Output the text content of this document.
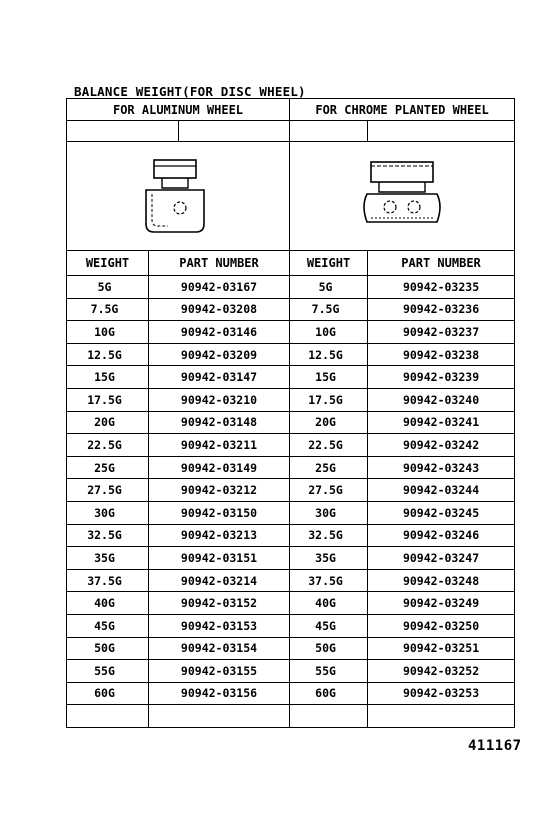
BALANCE WEIGHT(FOR DISC WHEEL)
FOR ALUMINUM WHEEL			FOR CHROME PLANTED WHEEL	

WEIGHT	PART NUMBER		WEIGHT	PART NUMBER
5G	90942-03167		5G	90942-03235
7.5G	90942-03208		7.5G	90942-03236
10G	90942-03146		10G	90942-03237
12.5G	90942-03209		12.5G	90942-03238
15G	90942-03147		15G	90942-03239
17.5G	90942-03210		17.5G	90942-03240
20G	90942-03148		20G	90942-03241
22.5G	90942-03211		22.5G	90942-03242
25G	90942-03149		25G	90942-03243
27.5G	90942-03212		27.5G	90942-03244
30G	90942-03150		30G	90942-03245
32.5G	90942-03213		32.5G	90942-03246
35G	90942-03151		35G	90942-03247
37.5G	90942-03214		37.5G	90942-03248
40G	90942-03152		40G	90942-03249
45G	90942-03153		45G	90942-03250
50G	90942-03154		50G	90942-03251
55G	90942-03155		55G	90942-03252
60G	90942-03156		60G	90942-03253

411167
